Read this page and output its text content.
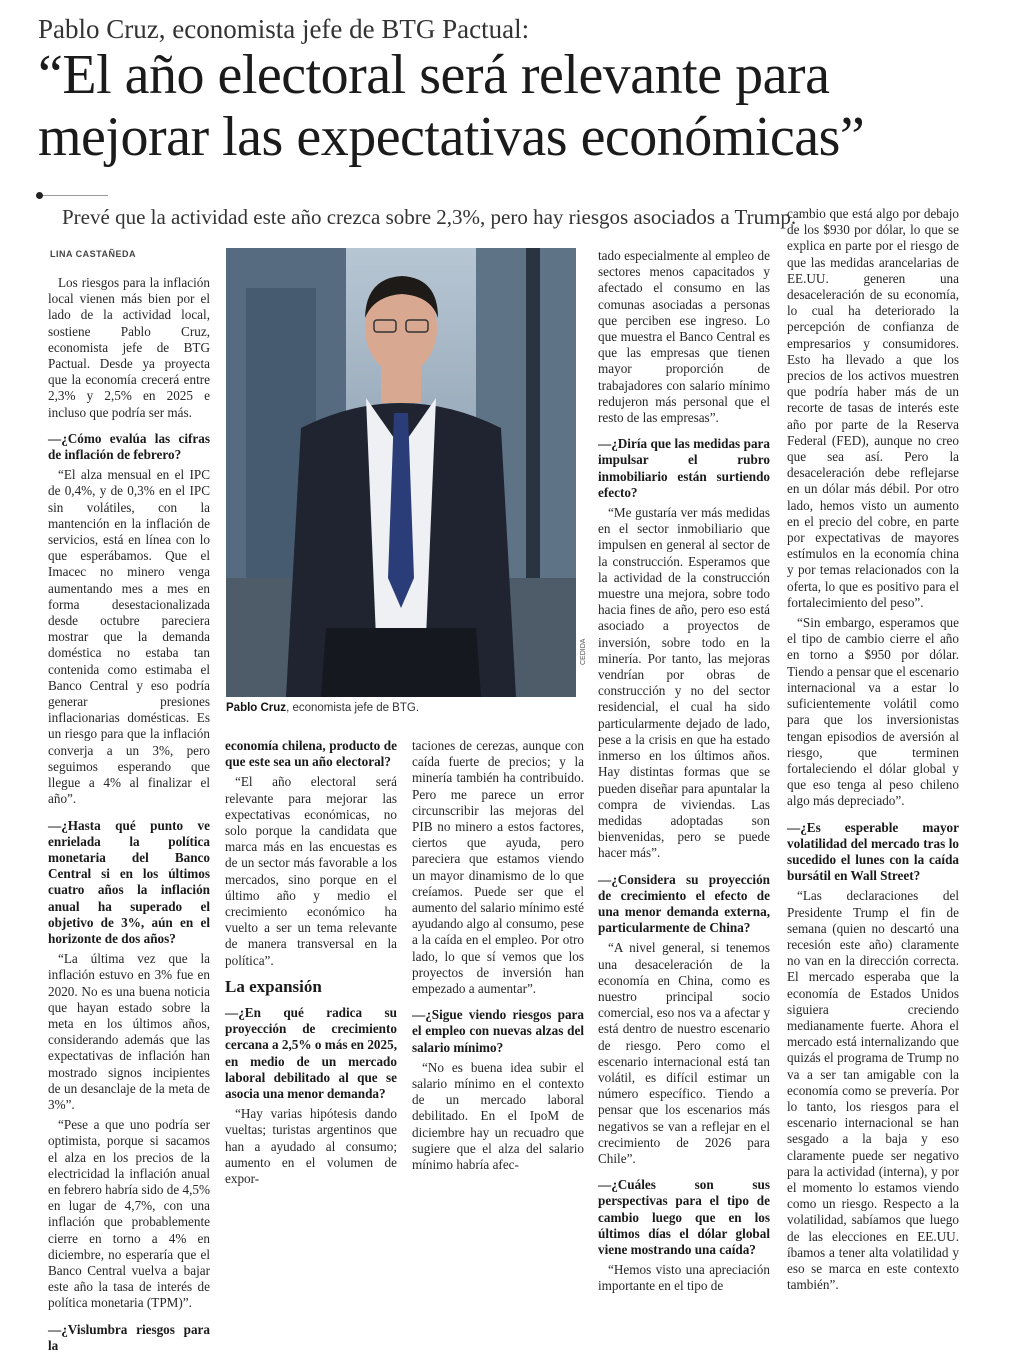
Pablo Cruz, economista jefe de BTG Pactual:
“El año electoral será relevante para
mejorar las expectativas económicas”
Prevé que la actividad este año crezca sobre 2,3%, pero hay riesgos asociados a Trump.
LINA CASTAÑEDA

Los riesgos para la inflación local vienen más bien por el lado de la actividad local, sostiene Pablo Cruz, economista jefe de BTG Pactual. Desde ya proyecta que la economía crecerá entre 2,3% y 2,5% en 2025 e incluso que podría ser más.

—¿Cómo evalúa las cifras de inflación de febrero?

“El alza mensual en el IPC de 0,4%, y de 0,3% en el IPC sin volátiles, con la mantención en la inflación de servicios, está en línea con lo que esperábamos. Que el Imacec no minero venga aumentando mes a mes en forma desestacionalizada desde octubre pareciera mostrar que la demanda doméstica no estaba tan contenida como estimaba el Banco Central y eso podría generar presiones inflacionarias domésticas. Es un riesgo para que la inflación converja a un 3%, pero seguimos esperando que llegue a 4% al finalizar el año”.

—¿Hasta qué punto ve enrielada la política monetaria del Banco Central si en los últimos cuatro años la inflación anual ha superado el objetivo de 3%, aún en el horizonte de dos años?

“La última vez que la inflación estuvo en 3% fue en 2020. No es una buena noticia que hayan estado sobre la meta en los últimos años, considerando además que las expectativas de inflación han mostrado signos incipientes de un desanclaje de la meta de 3%”.

“Pese a que uno podría ser optimista, porque si sacamos el alza en los precios de la electricidad la inflación anual en febrero habría sido de 4,5% en lugar de 4,7%, con una inflación que probablemente cierre en torno a 4% en diciembre, no esperaría que el Banco Central vuelva a bajar este año la tasa de interés de política monetaria (TPM)”.

—¿Vislumbra riesgos para la

CEDIDA
Pablo Cruz, economista jefe de BTG.

economía chilena, producto de que este sea un año electoral?

“El año electoral será relevante para mejorar las expectativas económicas, no solo porque la candidata que marca más en las encuestas es de un sector más favorable a los mercados, sino porque en el último año y medio el crecimiento económico ha vuelto a ser un tema relevante de manera transversal en la política”.

La expansión

—¿En qué radica su proyección de crecimiento cercana a 2,5% o más en 2025, en medio de un mercado laboral debilitado al que se asocia una menor demanda?

“Hay varias hipótesis dando vueltas; turistas argentinos que han a ayudado al consumo; aumento en el volumen de expor-

taciones de cerezas, aunque con caída fuerte de precios; y la minería también ha contribuido. Pero me parece un error circunscribir las mejoras del PIB no minero a estos factores, ciertos que ayuda, pero pareciera que estamos viendo un mayor dinamismo de lo que creíamos. Puede ser que el aumento del salario mínimo esté ayudando algo al consumo, pese a la caída en el empleo. Por otro lado, lo que sí vemos que los proyectos de inversión han empezado a aumentar”.

—¿Sigue viendo riesgos para el empleo con nuevas alzas del salario mínimo?

“No es buena idea subir el salario mínimo en el contexto de un mercado laboral debilitado. En el IpoM de diciembre hay un recuadro que sugiere que el alza del salario mínimo habría afec-

tado especialmente al empleo de sectores menos capacitados y afectado el consumo en las comunas asociadas a personas que perciben ese ingreso. Lo que muestra el Banco Central es que las empresas que tienen mayor proporción de trabajadores con salario mínimo redujeron más personal que el resto de las empresas”.

—¿Diría que las medidas para impulsar el rubro inmobiliario están surtiendo efecto?

“Me gustaría ver más medidas en el sector inmobiliario que impulsen en general al sector de la construcción. Esperamos que la actividad de la construcción muestre una mejora, sobre todo hacia fines de año, pero eso está asociado a proyectos de inversión, sobre todo en la minería. Por tanto, las mejoras vendrían por obras de construcción y no del sector residencial, el cual ha sido particularmente dejado de lado, pese a la crisis en que ha estado inmerso en los últimos años. Hay distintas formas que se pueden diseñar para apuntalar la compra de viviendas. Las medidas adoptadas son bienvenidas, pero se puede hacer más”.

—¿Considera su proyección de crecimiento el efecto de una menor demanda externa, particularmente de China?

“A nivel general, si tenemos una desaceleración de la economía en China, como es nuestro principal socio comercial, eso nos va a afectar y está dentro de nuestro escenario de riesgo. Pero como el escenario internacional está tan volátil, es difícil estimar un número específico. Tiendo a pensar que los escenarios más negativos se van a reflejar en el crecimiento de 2026 para Chile”.

—¿Cuáles son sus perspectivas para el tipo de cambio luego que en los últimos días el dólar global viene mostrando una caída?

“Hemos visto una apreciación importante en el tipo de

cambio que está algo por debajo de los $930 por dólar, lo que se explica en parte por el riesgo de que las medidas arancelarias de EE.UU. generen una desaceleración de su economía, lo cual ha deteriorado la percepción de confianza de empresarios y consumidores. Esto ha llevado a que los precios de los activos muestren que podría haber más de un recorte de tasas de interés este año por parte de la Reserva Federal (FED), aunque no creo que sea así. Pero la desaceleración debe reflejarse en un dólar más débil. Por otro lado, hemos visto un aumento en el precio del cobre, en parte por expectativas de mayores estímulos en la economía china y por temas relacionados con la oferta, lo que es positivo para el fortalecimiento del peso”.

“Sin embargo, esperamos que el tipo de cambio cierre el año en torno a $950 por dólar. Tiendo a pensar que el escenario internacional va a estar lo suficientemente volátil como para que los inversionistas tengan episodios de aversión al riesgo, que terminen fortaleciendo el dólar global y que eso tenga al peso chileno algo más depreciado”.

—¿Es esperable mayor volatilidad del mercado tras lo sucedido el lunes con la caída bursátil en Wall Street?

“Las declaraciones del Presidente Trump el fin de semana (quien no descartó una recesión este año) claramente no van en la dirección correcta. El mercado esperaba que la economía de Estados Unidos siguiera creciendo medianamente fuerte. Ahora el mercado está internalizando que quizás el programa de Trump no va a ser tan amigable con la economía como se prevería. Por lo tanto, los riesgos para el escenario internacional se han sesgado a la baja y eso claramente puede ser negativo para la actividad (interna), y por el momento lo estamos viendo como un riesgo. Respecto a la volatilidad, sabíamos que luego de las elecciones en EE.UU. íbamos a tener alta volatilidad y eso se marca en este contexto también”.
